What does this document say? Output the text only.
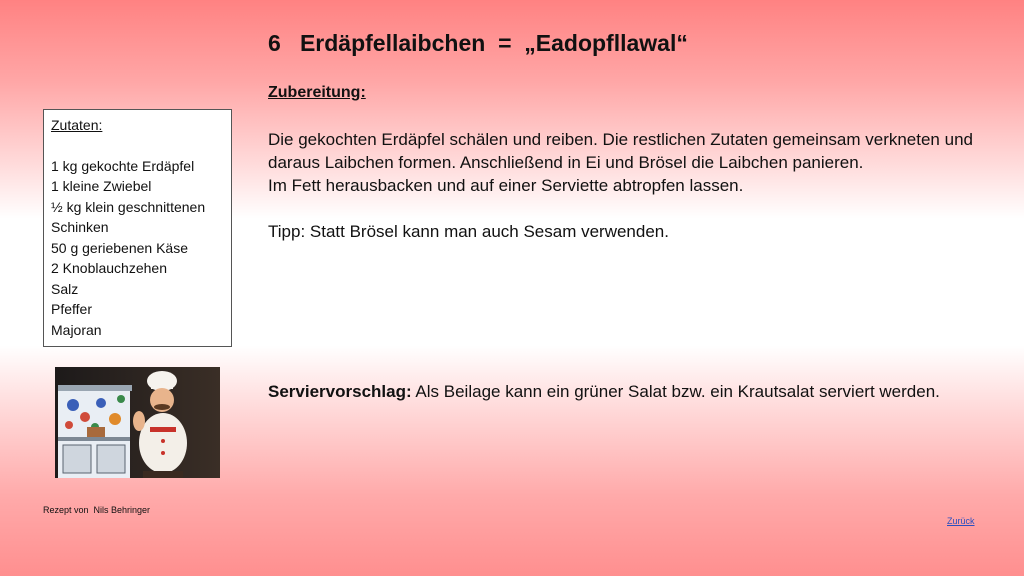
6   Erdäpfellaibchen  =  „Eadopfllawal“
Zubereitung:

Die gekochten Erdäpfel schälen und reiben. Die restlichen Zutaten gemeinsam verkneten und daraus Laibchen formen. Anschließend in Ei und Brösel die Laibchen panieren.

Im Fett herausbacken und auf einer Serviette abtropfen lassen.

Tipp: Statt Brösel kann man auch Sesam verwenden.
Serviervorschlag: Als Beilage kann ein grüner Salat bzw. ein Krautsalat serviert werden.
Zutaten:
1 kg gekochte Erdäpfel
1 kleine Zwiebel
½ kg klein geschnittenen
Schinken
50 g geriebenen Käse
2 Knoblauchzehen
Salz
Pfeffer
Majoran
Rezept von  Nils Behringer
Zurück
